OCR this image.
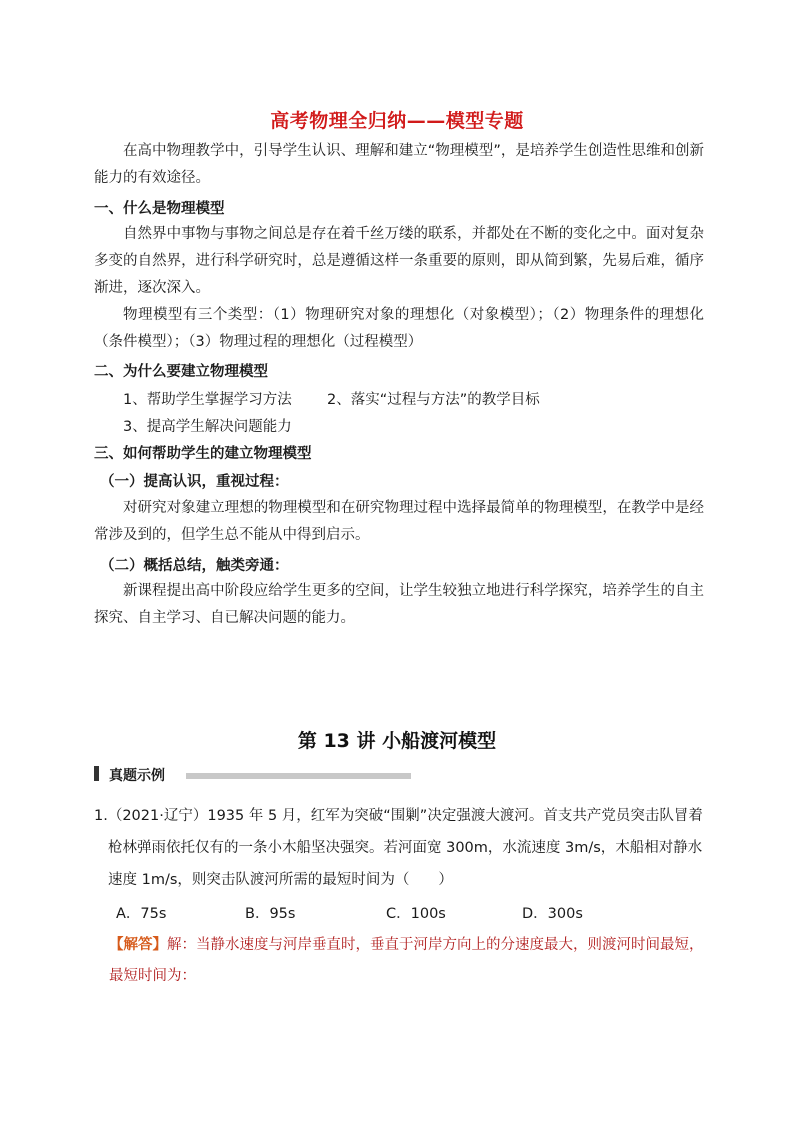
高考物理全归纳——模型专题
在高中物理教学中，引导学生认识、理解和建立“物理模型”，是培养学生创造性思维和创新能力的有效途径。
一、什么是物理模型
自然界中事物与事物之间总是存在着千丝万缕的联系，并都处在不断的变化之中。面对复杂多变的自然界，进行科学研究时，总是遵循这样一条重要的原则，即从简到繁，先易后难，循序渐进，逐次深入。
物理模型有三个类型：（1）物理研究对象的理想化（对象模型）；（2）物理条件的理想化（条件模型）；（3）物理过程的理想化（过程模型）
二、为什么要建立物理模型
1、帮助学生掌握学习方法 2、落实“过程与方法”的教学目标
3、提高学生解决问题能力
三、如何帮助学生的建立物理模型
（一）提高认识，重视过程：
对研究对象建立理想的物理模型和在研究物理过程中选择最简单的物理模型，在教学中是经常涉及到的，但学生总不能从中得到启示。
（二）概括总结，触类旁通：
新课程提出高中阶段应给学生更多的空间，让学生较独立地进行科学探究，培养学生的自主探究、自主学习、自已解决问题的能力。
第 13 讲 小船渡河模型
真题示例
1.（2021·辽宁）1935 年 5 月，红军为突破“围剿”决定强渡大渡河。首支共产党员突击队冒着枪林弹雨依托仅有的一条小木船坚决强突。若河面宽 300m，水流速度 3m/s，木船相对静水速度 1m/s，则突击队渡河所需的最短时间为（　　）
A．75s	B．95s	C．100s	D．300s
【解答】解：当静水速度与河岸垂直时，垂直于河岸方向上的分速度最大，则渡河时间最短，最短时间为：
